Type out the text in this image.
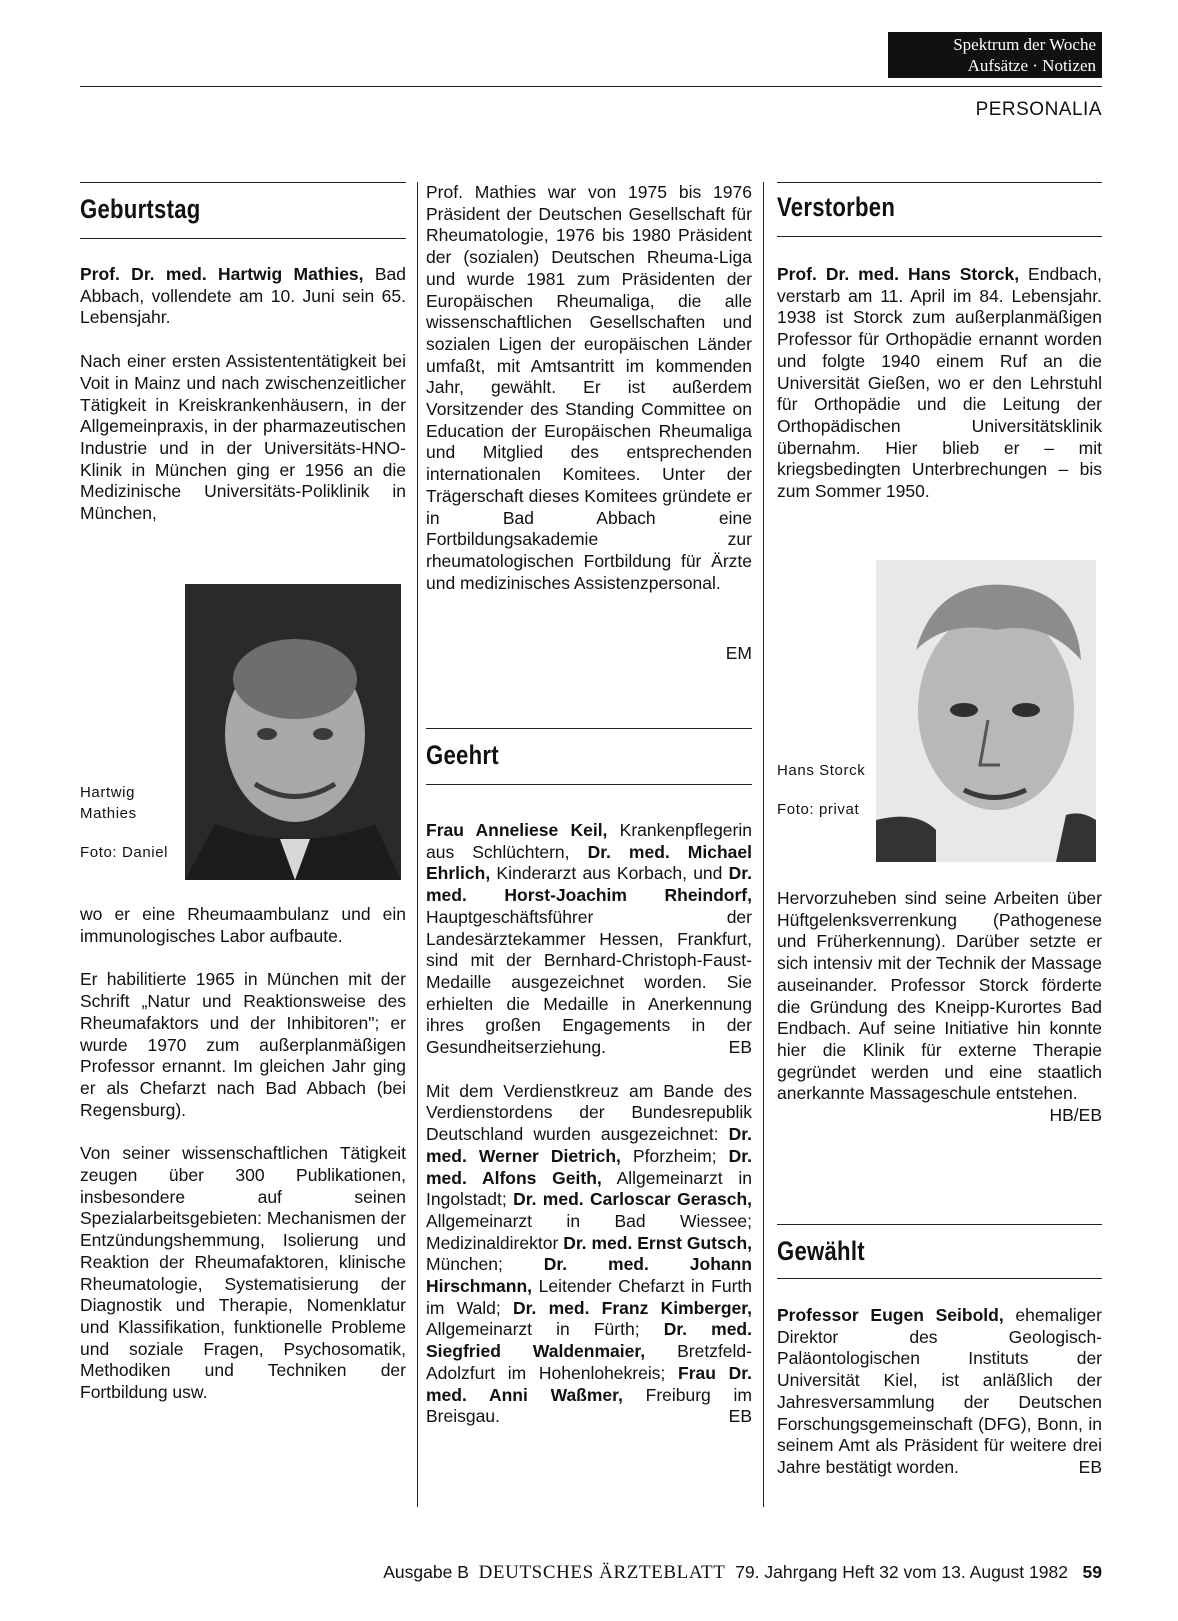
Spektrum der Woche
Aufsätze · Notizen
PERSONALIA
Geburtstag

Prof. Dr. med. Hartwig Mathies, Bad Abbach, vollendete am 10. Juni sein 65. Lebensjahr.

Nach einer ersten Assistententätigkeit bei Voit in Mainz und nach zwischenzeitlicher Tätigkeit in Kreiskrankenhäusern, in der Allgemeinpraxis, in der pharmazeutischen Industrie und in der Universitäts-HNO-Klinik in München ging er 1956 an die Medizinische Universitäts-Poliklinik in München,

Hartwig Mathies

Foto: Daniel

wo er eine Rheumaambulanz und ein immunologisches Labor aufbaute.

Er habilitierte 1965 in München mit der Schrift „Natur und Reaktionsweise des Rheumafaktors und der Inhibitoren"; er wurde 1970 zum außerplanmäßigen Professor ernannt. Im gleichen Jahr ging er als Chefarzt nach Bad Abbach (bei Regensburg).

Von seiner wissenschaftlichen Tätigkeit zeugen über 300 Publikationen, insbesondere auf seinen Spezialarbeitsgebieten: Mechanismen der Entzündungshemmung, Isolierung und Reaktion der Rheumafaktoren, klinische Rheumatologie, Systematisierung der Diagnostik und Therapie, Nomenklatur und Klassifikation, funktionelle Probleme und soziale Fragen, Psychosomatik, Methodiken und Techniken der Fortbildung usw.

Prof. Mathies war von 1975 bis 1976 Präsident der Deutschen Gesellschaft für Rheumatologie, 1976 bis 1980 Präsident der (sozialen) Deutschen Rheuma-Liga und wurde 1981 zum Präsidenten der Europäischen Rheumaliga, die alle wissenschaftlichen Gesellschaften und sozialen Ligen der europäischen Länder umfaßt, mit Amtsantritt im kommenden Jahr, gewählt. Er ist außerdem Vorsitzender des Standing Committee on Education der Europäischen Rheumaliga und Mitglied des entsprechenden internationalen Komitees. Unter der Trägerschaft dieses Komitees gründete er in Bad Abbach eine Fortbildungsakademie zur rheumatologischen Fortbildung für Ärzte und medizinisches Assistenzpersonal.

EM
Geehrt

Frau Anneliese Keil, Krankenpflegerin aus Schlüchtern, Dr. med. Michael Ehrlich, Kinderarzt aus Korbach, und Dr. med. Horst-Joachim Rheindorf, Hauptgeschäftsführer der Landesärztekammer Hessen, Frankfurt, sind mit der Bernhard-Christoph-Faust-Medaille ausgezeichnet worden. Sie erhielten die Medaille in Anerkennung ihres großen Engagements in der Gesundheitserziehung.	EB

Mit dem Verdienstkreuz am Bande des Verdienstordens der Bundesrepublik Deutschland wurden ausgezeichnet: Dr. med. Werner Dietrich, Pforzheim; Dr. med. Alfons Geith, Allgemeinarzt in Ingolstadt; Dr. med. Carloscar Gerasch, Allgemeinarzt in Bad Wiessee; Medizinaldirektor Dr. med. Ernst Gutsch, München; Dr. med. Johann Hirschmann, Leitender Chefarzt in Furth im Wald; Dr. med. Franz Kimberger, Allgemeinarzt in Fürth; Dr. med. Siegfried Waldenmaier, Bretzfeld-Adolzfurt im Hohenlohekreis; Frau Dr. med. Anni Waßmer, Freiburg im Breisgau.	EB

Verstorben

Prof. Dr. med. Hans Storck, Endbach, verstarb am 11. April im 84. Lebensjahr. 1938 ist Storck zum außerplanmäßigen Professor für Orthopädie ernannt worden und folgte 1940 einem Ruf an die Universität Gießen, wo er den Lehrstuhl für Orthopädie und die Leitung der Orthopädischen Universitätsklinik übernahm. Hier blieb er – mit kriegsbedingten Unterbrechungen – bis zum Sommer 1950.

Hans Storck

Foto: privat

Hervorzuheben sind seine Arbeiten über Hüftgelenksverrenkung (Pathogenese und Früherkennung). Darüber setzte er sich intensiv mit der Technik der Massage auseinander. Professor Storck förderte die Gründung des Kneipp-Kurortes Bad Endbach. Auf seine Initiative hin konnte hier die Klinik für externe Therapie gegründet werden und eine staatlich anerkannte Massageschule entstehen.
HB/EB

Gewählt

Professor Eugen Seibold, ehemaliger Direktor des Geologisch-Paläontologischen Instituts der Universität Kiel, ist anläßlich der Jahresversammlung der Deutschen Forschungsgemeinschaft (DFG), Bonn, in seinem Amt als Präsident für weitere drei Jahre bestätigt worden.	EB

Ausgabe B DEUTSCHES ÄRZTEBLATT 79. Jahrgang Heft 32 vom 13. August 1982 59
